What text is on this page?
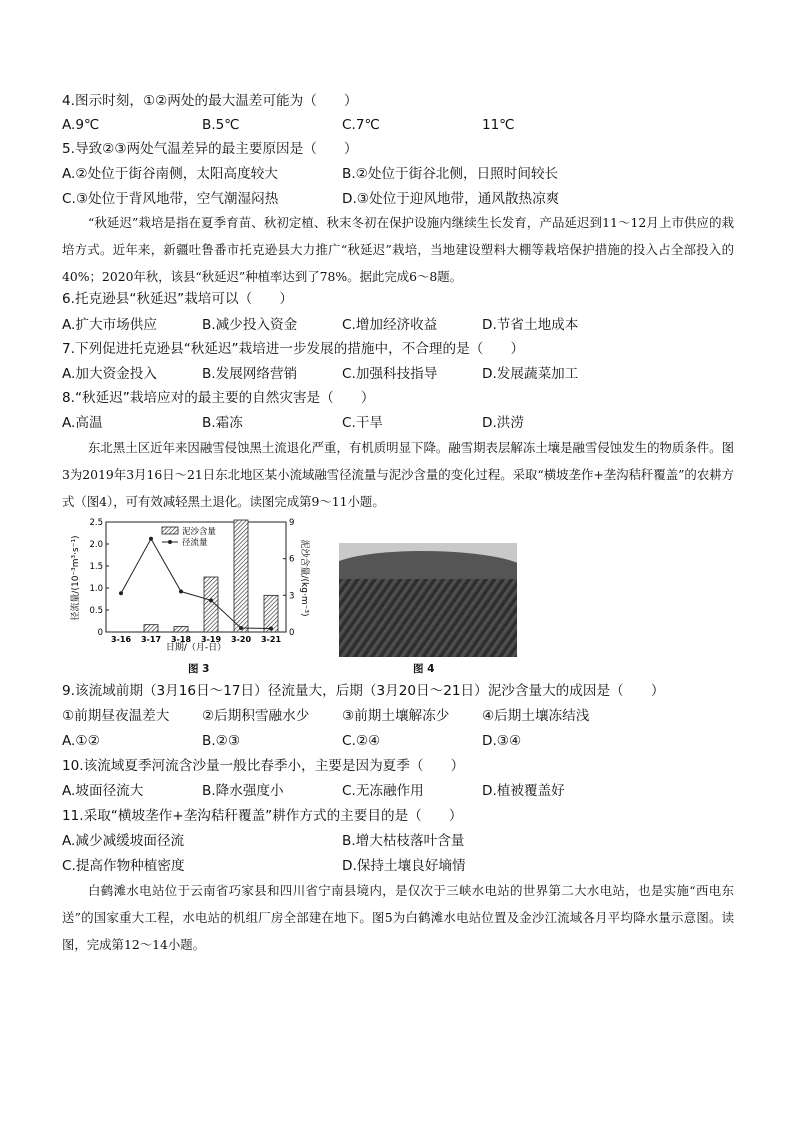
4.图示时刻，①②两处的最大温差可能为（　　）
A.9℃	B.5℃	C.7℃	11℃
5.导致②③两处气温差异的最主要原因是（　　）
A.②处位于街谷南侧，太阳高度较大	B.②处位于街谷北侧，日照时间较长
C.③处位于背风地带，空气潮湿闷热	D.③处位于迎风地带，通风散热凉爽
“秋延迟”栽培是指在夏季育苗、秋初定植、秋末冬初在保护设施内继续生长发育，产品延迟到11～12月上市供应的栽培方式。近年来，新疆吐鲁番市托克逊县大力推广“秋延迟”栽培，当地建设塑料大棚等栽培保护措施的投入占全部投入的40%；2020年秋，该县“秋延迟”种植率达到了78%。据此完成6～8题。
6.托克逊县“秋延迟”栽培可以（　　）
A.扩大市场供应	B.减少投入资金	C.增加经济收益	D.节省土地成本
7.下列促进托克逊县“秋延迟”栽培进一步发展的措施中，不合理的是（　　）
A.加大资金投入	B.发展网络营销	C.加强科技指导	D.发展蔬菜加工
8.“秋延迟”栽培应对的最主要的自然灾害是（　　）
A.高温	B.霜冻	C.干旱	D.洪涝
东北黑土区近年来因融雪侵蚀黑土流退化严重，有机质明显下降。融雪期表层解冻土壤是融雪侵蚀发生的物质条件。图3为2019年3月16日～21日东北地区某小流域融雪径流量与泥沙含量的变化过程。采取“横坡垄作+垄沟秸秆覆盖”的农耕方式（图4），可有效减轻黑土退化。读图完成第9～11小题。
径流量/(10⁻³m³·s⁻¹)	泥沙含量/(kg·m⁻³)
日期/（月-日）
泥沙含量
径流量
0
0.5
1.0
1.5
2.0
2.5
0
3
6
9
3-16 3-17 3-18 3-19 3-20 3-21
图 3	图 4
9.该流域前期（3月16日～17日）径流量大，后期（3月20日～21日）泥沙含量大的成因是（　　）
①前期昼夜温差大 ②后期积雪融水少 ③前期土壤解冻少 ④后期土壤冻结浅
A.①②	B.②③	C.②④	D.③④
10.该流域夏季河流含沙量一般比春季小，主要是因为夏季（　　）
A.坡面径流大	B.降水强度小	C.无冻融作用	D.植被覆盖好
11.采取“横坡垄作+垄沟秸秆覆盖”耕作方式的主要目的是（　　）
A.减少减缓坡面径流	B.增大枯枝落叶含量
C.提高作物种植密度	D.保持土壤良好墒情
白鹤滩水电站位于云南省巧家县和四川省宁南县境内，是仅次于三峡水电站的世界第二大水电站，也是实施“西电东送”的国家重大工程，水电站的机组厂房全部建在地下。图5为白鹤滩水电站位置及金沙江流域各月平均降水量示意图。读图，完成第12～14小题。
